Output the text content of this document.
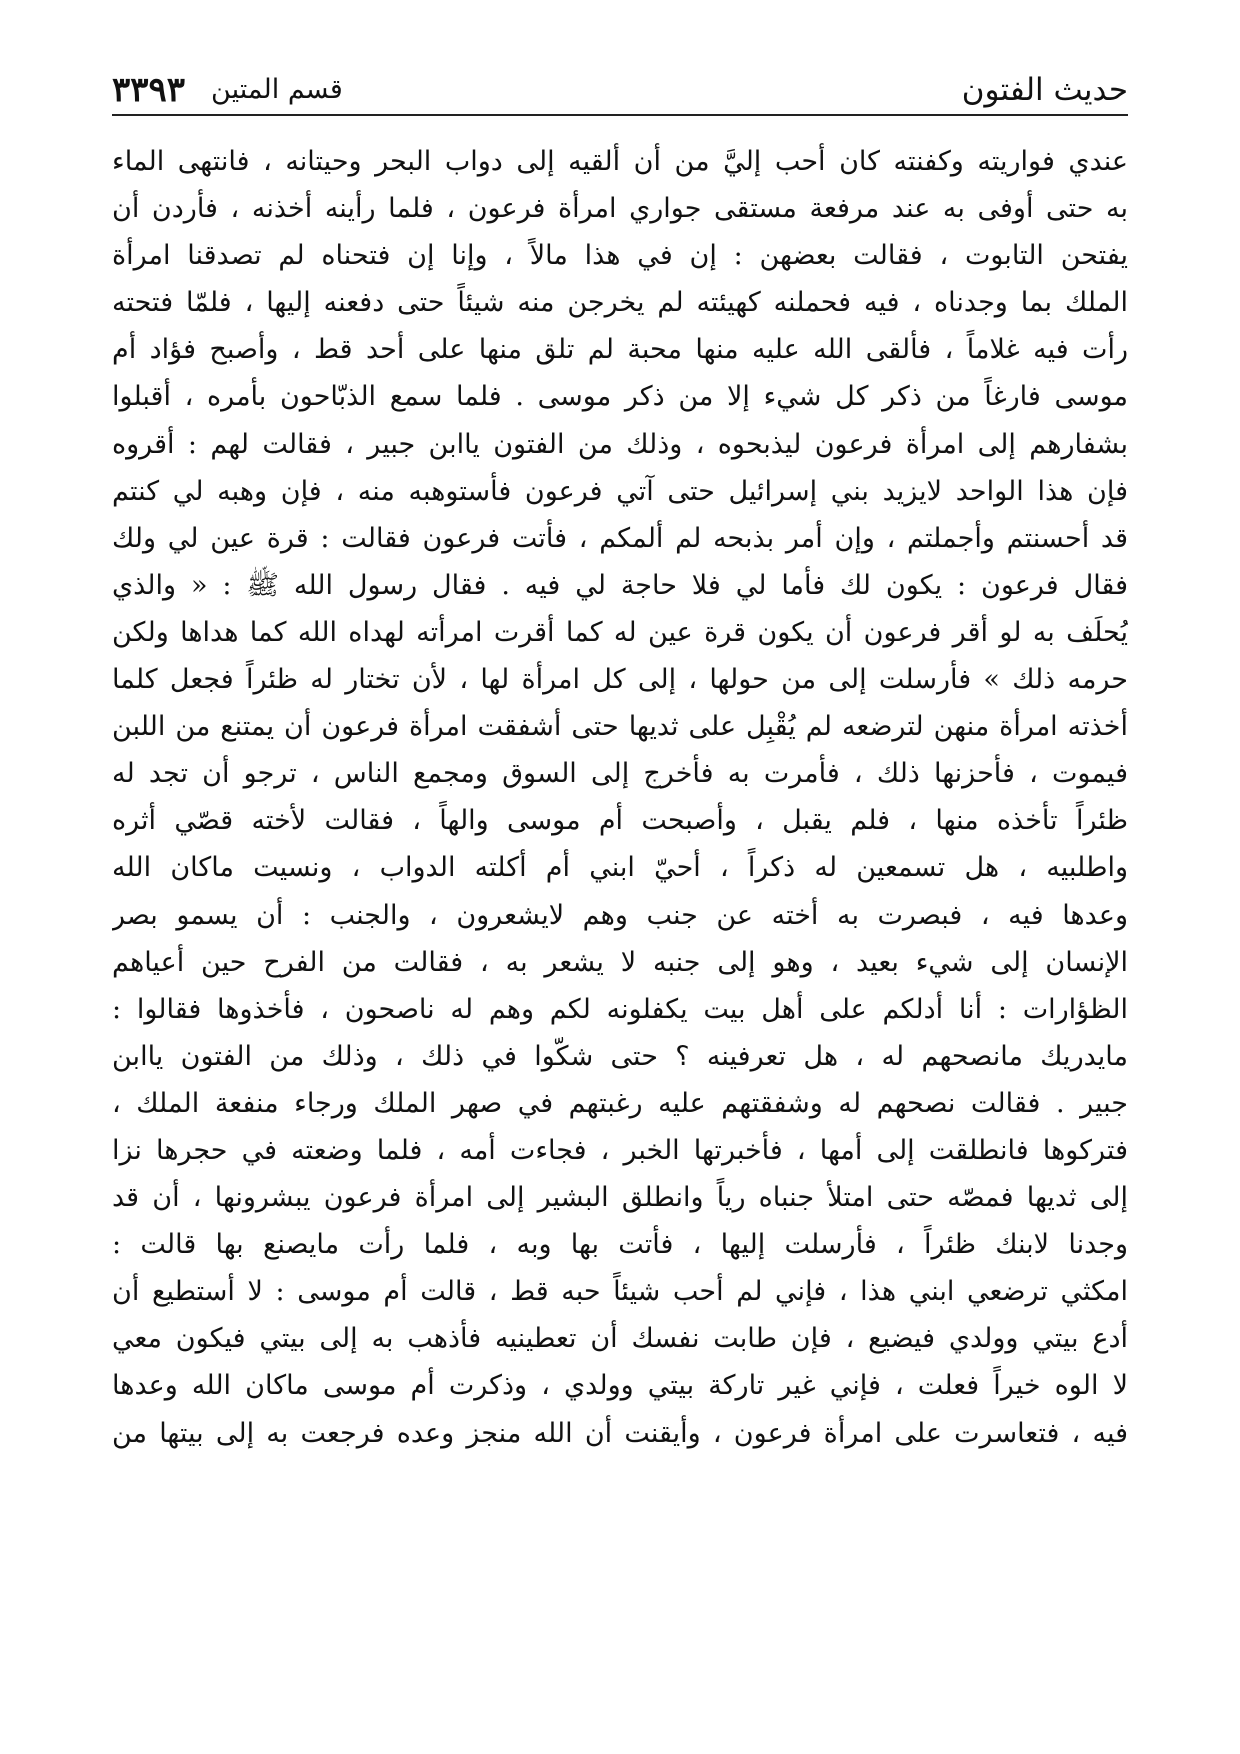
حديث الفتون
قسم المتين
٣٣٩٣
عندي فواريته وكفنته كان أحب إليَّ من أن ألقيه إلى دواب البحر وحيتانه ، فانتهى الماء
به حتى أوفى به عند مرفعة مستقى جواري امرأة فرعون ، فلما رأينه أخذنه ، فأردن أن
يفتحن التابوت ، فقالت بعضهن : إن في هذا مالاً ، وإنا إن فتحناه لم تصدقنا امرأة
الملك بما وجدناه ، فيه فحملنه كهيئته لم يخرجن منه شيئاً حتى دفعنه إليها ، فلمّا فتحته
رأت فيه غلاماً ، فألقى الله عليه منها محبة لم تلق منها على أحد قط ، وأصبح فؤاد أم
موسى فارغاً من ذكر كل شيء إلا من ذكر موسى . فلما سمع الذبّاحون بأمره ، أقبلوا
بشفارهم إلى امرأة فرعون ليذبحوه ، وذلك من الفتون ياابن جبير ، فقالت لهم : أقروه
فإن هذا الواحد لايزيد بني إسرائيل حتى آتي فرعون فأستوهبه منه ، فإن وهبه لي كنتم
قد أحسنتم وأجملتم ، وإن أمر بذبحه لم ألمكم ، فأتت فرعون فقالت : قرة عين لي ولك
فقال فرعون : يكون لك فأما لي فلا حاجة لي فيه . فقال رسول الله ﷺ : « والذي
يُحلَف به لو أقر فرعون أن يكون قرة عين له كما أقرت امرأته لهداه الله كما هداها ولكن
حرمه ذلك » فأرسلت إلى من حولها ، إلى كل امرأة لها ، لأن تختار له ظئراً فجعل كلما
أخذته امرأة منهن لترضعه لم يُقْبِل على ثديها حتى أشفقت امرأة فرعون أن يمتنع من اللبن
فيموت ، فأحزنها ذلك ، فأمرت به فأخرج إلى السوق ومجمع الناس ، ترجو أن تجد له
ظئراً تأخذه منها ، فلم يقبل ، وأصبحت أم موسى والهاً ، فقالت لأخته قصّي أثره
واطلبيه ، هل تسمعين له ذكراً ، أحيّ ابني أم أكلته الدواب ، ونسيت ماكان الله
وعدها فيه ، فبصرت به أخته عن جنب وهم لايشعرون ، والجنب : أن يسمو بصر
الإنسان إلى شيء بعيد ، وهو إلى جنبه لا يشعر به ، فقالت من الفرح حين أعياهم
الظؤارات : أنا أدلكم على أهل بيت يكفلونه لكم وهم له ناصحون ، فأخذوها فقالوا :
مايدريك مانصحهم له ، هل تعرفينه ؟ حتى شكّوا في ذلك ، وذلك من الفتون ياابن
جبير . فقالت نصحهم له وشفقتهم عليه رغبتهم في صهر الملك ورجاء منفعة الملك ،
فتركوها فانطلقت إلى أمها ، فأخبرتها الخبر ، فجاءت أمه ، فلما وضعته في حجرها نزا
إلى ثديها فمصّه حتى امتلأ جنباه رياً وانطلق البشير إلى امرأة فرعون يبشرونها ، أن قد
وجدنا لابنك ظئراً ، فأرسلت إليها ، فأتت بها وبه ، فلما رأت مايصنع بها قالت :
امكثي ترضعي ابني هذا ، فإني لم أحب شيئاً حبه قط ، قالت أم موسى : لا أستطيع أن
أدع بيتي وولدي فيضيع ، فإن طابت نفسك أن تعطينيه فأذهب به إلى بيتي فيكون معي
لا الوه خيراً فعلت ، فإني غير تاركة بيتي وولدي ، وذكرت أم موسى ماكان الله وعدها
فيه ، فتعاسرت على امرأة فرعون ، وأيقنت أن الله منجز وعده فرجعت به إلى بيتها من
